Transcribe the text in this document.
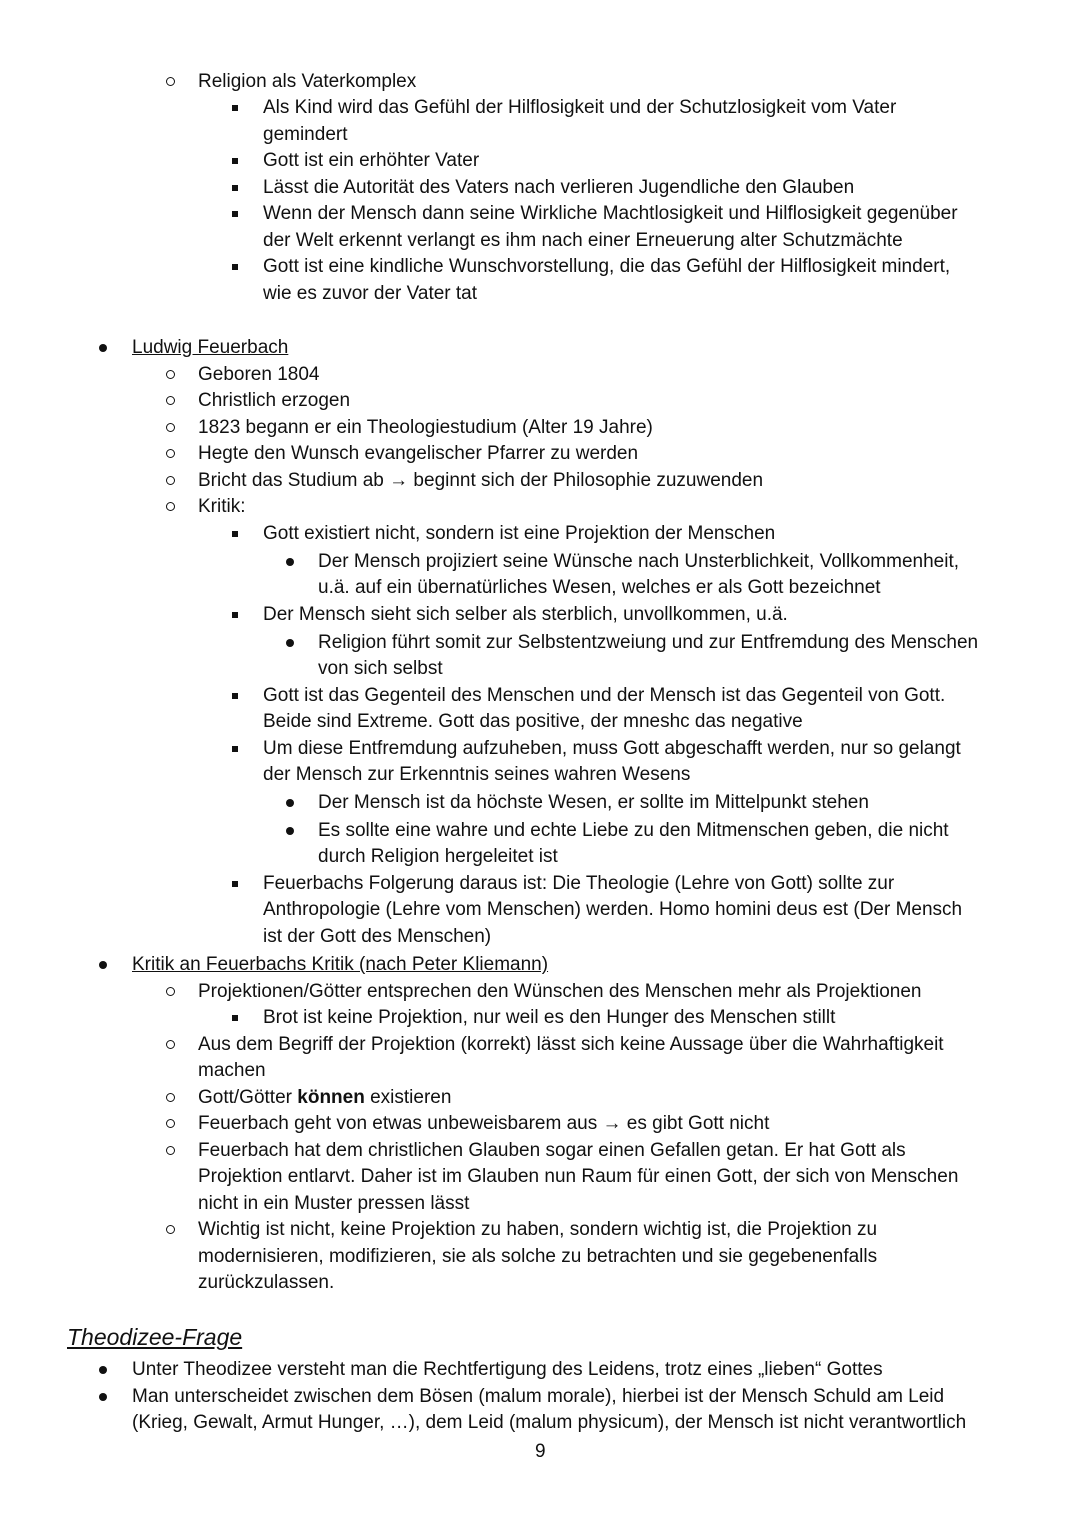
Religion als Vaterkomplex
Als Kind wird das Gefühl der Hilflosigkeit und der Schutzlosigkeit vom Vater
gemindert
Gott ist ein erhöhter Vater
Lässt die Autorität des Vaters nach verlieren Jugendliche den Glauben
Wenn der Mensch dann seine Wirkliche Machtlosigkeit und Hilflosigkeit gegenüber
der Welt erkennt verlangt es ihm nach einer Erneuerung alter Schutzmächte
Gott ist eine kindliche Wunschvorstellung, die das Gefühl der Hilflosigkeit mindert,
wie es zuvor der Vater tat
Ludwig Feuerbach
Geboren 1804
Christlich erzogen
1823 begann er ein Theologiestudium (Alter 19 Jahre)
Hegte den Wunsch evangelischer Pfarrer zu werden
Bricht das Studium ab → beginnt sich der Philosophie zuzuwenden
Kritik:
Gott existiert nicht, sondern ist eine Projektion der Menschen
Der Mensch projiziert seine Wünsche nach Unsterblichkeit, Vollkommenheit,
u.ä. auf ein übernatürliches Wesen, welches er als Gott bezeichnet
Der Mensch sieht sich selber als sterblich, unvollkommen, u.ä.
Religion führt somit zur Selbstentzweiung und zur Entfremdung des Menschen
von sich selbst
Gott ist das Gegenteil des Menschen und der Mensch ist das Gegenteil von Gott.
Beide sind Extreme. Gott das positive, der mneshc das negative
Um diese Entfremdung aufzuheben, muss Gott abgeschafft werden, nur so gelangt
der Mensch zur Erkenntnis seines wahren Wesens
Der Mensch ist da höchste Wesen, er sollte im Mittelpunkt stehen
Es sollte eine wahre und echte Liebe zu den Mitmenschen geben, die nicht
durch Religion hergeleitet ist
Feuerbachs Folgerung daraus ist: Die Theologie (Lehre von Gott) sollte zur
Anthropologie (Lehre vom Menschen) werden. Homo homini deus est (Der Mensch
ist der Gott des Menschen)
Kritik an Feuerbachs Kritik (nach Peter Kliemann)
Projektionen/Götter entsprechen den Wünschen des Menschen mehr als Projektionen
Brot ist keine Projektion, nur weil es den Hunger des Menschen stillt
Aus dem Begriff der Projektion (korrekt) lässt sich keine Aussage über die Wahrhaftigkeit
machen
Gott/Götter können existieren
Feuerbach geht von etwas unbeweisbarem aus → es gibt Gott nicht
Feuerbach hat dem christlichen Glauben sogar einen Gefallen getan. Er hat Gott als
Projektion entlarvt. Daher ist im Glauben nun Raum für einen Gott, der sich von Menschen
nicht in ein Muster pressen lässt
Wichtig ist nicht, keine Projektion zu haben, sondern wichtig ist, die Projektion zu
modernisieren, modifizieren, sie als solche zu betrachten und sie gegebenenfalls
zurückzulassen.
Theodizee-Frage
Unter Theodizee versteht man die Rechtfertigung des Leidens, trotz eines „lieben“ Gottes
Man unterscheidet zwischen dem Bösen (malum morale), hierbei ist der Mensch Schuld am Leid
(Krieg, Gewalt, Armut Hunger, …), dem Leid (malum physicum), der Mensch ist nicht verantwortlich
9
